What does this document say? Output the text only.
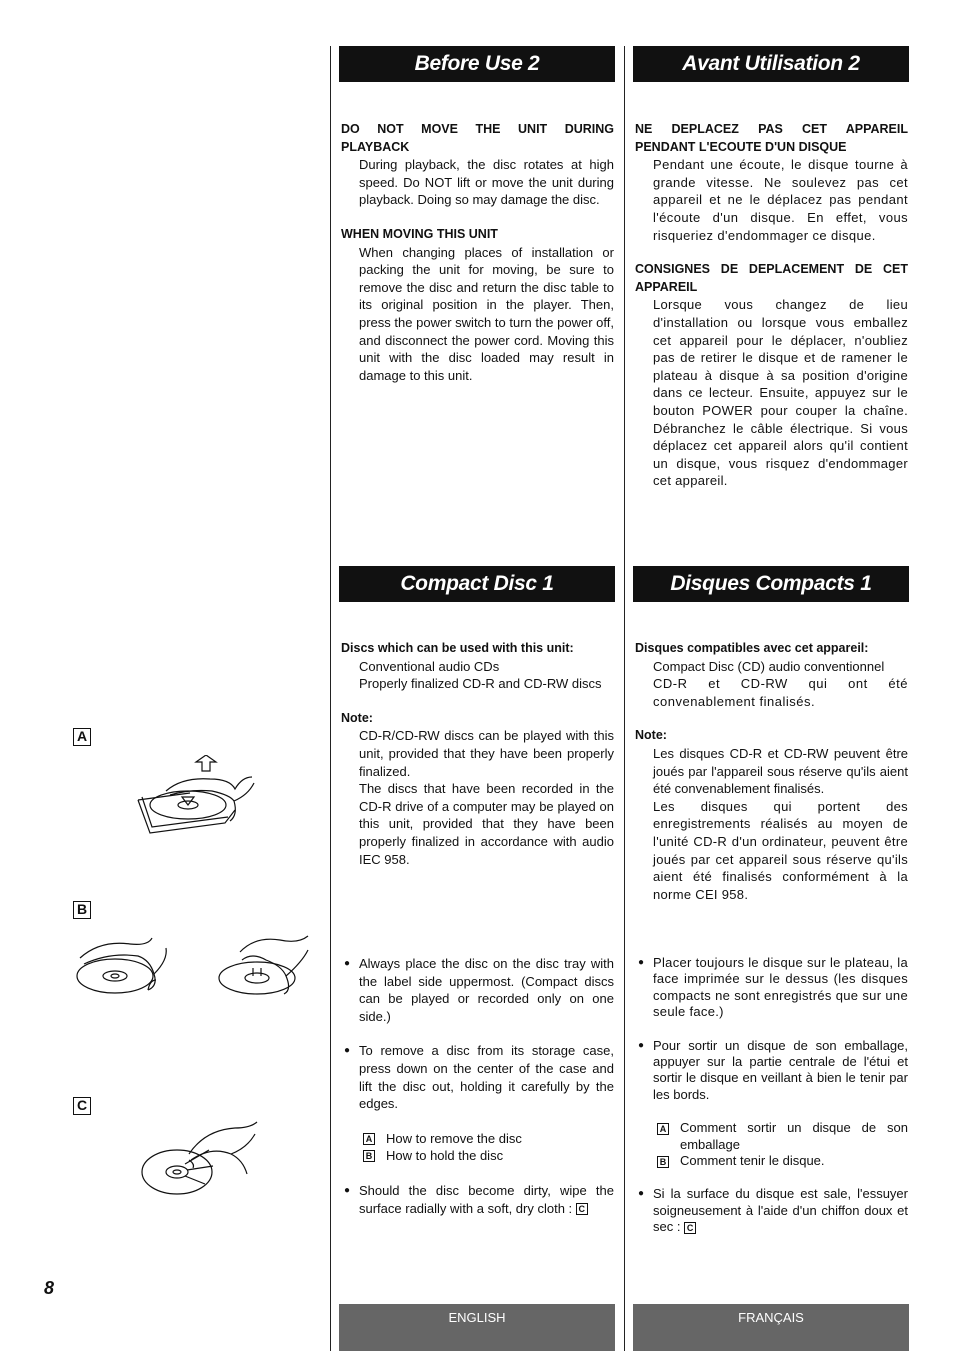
Before Use 2	Avant Utilisation 2
Compact Disc 1	Disques Compacts 1
DO NOT MOVE THE UNIT DURING PLAYBACK
During playback, the disc rotates at high speed. Do NOT lift or move the unit during playback. Doing so may damage the disc.
WHEN MOVING THIS UNIT
When changing places of installation or packing the unit for moving, be sure to remove the disc and return the disc table to its original position in the player. Then, press the power switch to turn the power off, and disconnect the power cord. Moving this unit with the disc loaded may result in damage to this unit.
NE DEPLACEZ PAS CET APPAREIL PENDANT L'ECOUTE D'UN DISQUE
Pendant une écoute, le disque tourne à grande vitesse. Ne soulevez pas cet appareil et ne le déplacez pas pendant l'écoute d'un disque. En effet, vous risqueriez d'endommager ce disque.
CONSIGNES DE DEPLACEMENT DE CET APPAREIL
Lorsque vous changez de lieu d'installation ou lorsque vous emballez cet appareil pour le déplacer, n'oubliez pas de retirer le disque et de ramener le plateau à disque à sa position d'origine dans ce lecteur. Ensuite, appuyez sur le bouton POWER pour couper la chaîne. Débranchez le câble électrique. Si vous déplacez cet appareil alors qu'il contient un disque, vous risquez d'endommager cet appareil.
Discs which can be used with this unit:
Conventional audio CDs
Properly finalized CD-R and CD-RW discs
Note:
CD-R/CD-RW discs can be played with this unit, provided that they have been properly finalized.
The discs that have been recorded in the CD-R drive of a computer may be played on this unit, provided that they have been properly finalized in accordance with audio IEC 958.
● Always place the disc on the disc tray with the label side uppermost. (Compact discs can be played or recorded only on one side.)
● To remove a disc from its storage case, press down on the center of the case and lift the disc out, holding it carefully by the edges.
A How to remove the disc
B How to hold the disc
● Should the disc become dirty, wipe the surface radially with a soft, dry cloth : C
Disques compatibles avec cet appareil:
Compact Disc (CD) audio conventionnel
CD-R et CD-RW qui ont été convenablement finalisés.
Note:
Les disques CD-R et CD-RW peuvent être joués par l'appareil sous réserve qu'ils aient été convenablement finalisés.
Les disques qui portent des enregistrements réalisés au moyen de l'unité CD-R d'un ordinateur, peuvent être joués par cet appareil sous réserve qu'ils aient été finalisés conformément à la norme CEI 958.
● Placer toujours le disque sur le plateau, la face imprimée sur le dessus (les disques compacts ne sont enregistrés que sur une seule face.)
● Pour sortir un disque de son emballage, appuyer sur la partie centrale de l'étui et sortir le disque en veillant à bien le tenir par les bords.
A Comment sortir un disque de son emballage
B Comment tenir le disque.
● Si la surface du disque est sale, l'essuyer soigneusement à l'aide d'un chiffon doux et sec : C
A
B
C
8
ENGLISH	FRANÇAIS
